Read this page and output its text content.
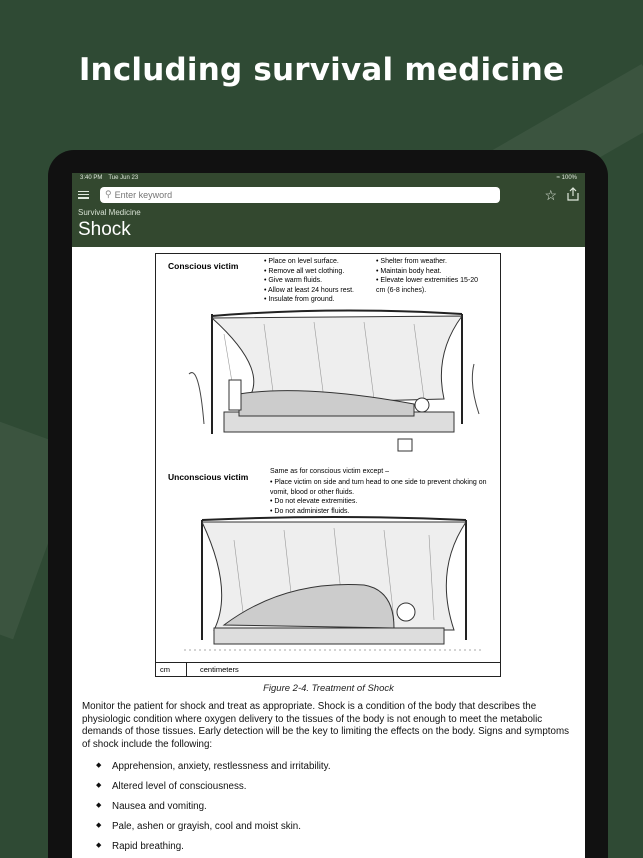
Including survival medicine
3:40 PM Tue Jun 23	≈ 100%
⚲
Enter keyword	☆
Survival Medicine
Shock
Conscious victim
•	Place on level surface.
• Remove all wet clothing.
• Give warm fluids.
• Allow at least 24 hours rest.
• Insulate from ground.
• Shelter from weather.
• Maintain body heat.
• Elevate lower extremities 15-20 cm (6-8 inches).
Unconscious victim
Same as for conscious victim except –
• Place victim on side and turn head to one side to prevent choking on vomit, blood or other fluids.
• Do not elevate extremities.
• Do not administer fluids.
cm	centimeters
Figure 2-4. Treatment of Shock

Monitor the patient for shock and treat as appropriate. Shock is a condition of the body that describes the physiologic condition where oxygen delivery to the tissues of the body is not enough to meet the metabolic demands of those tissues. Early detection will be the key to limiting the effects on the body. Signs and symptoms of shock include the following:

◆ Apprehension, anxiety, restlessness and irritability.
◆ Altered level of consciousness.
◆ Nausea and vomiting.
◆ Pale, ashen or grayish, cool and moist skin.
◆ Rapid breathing.
